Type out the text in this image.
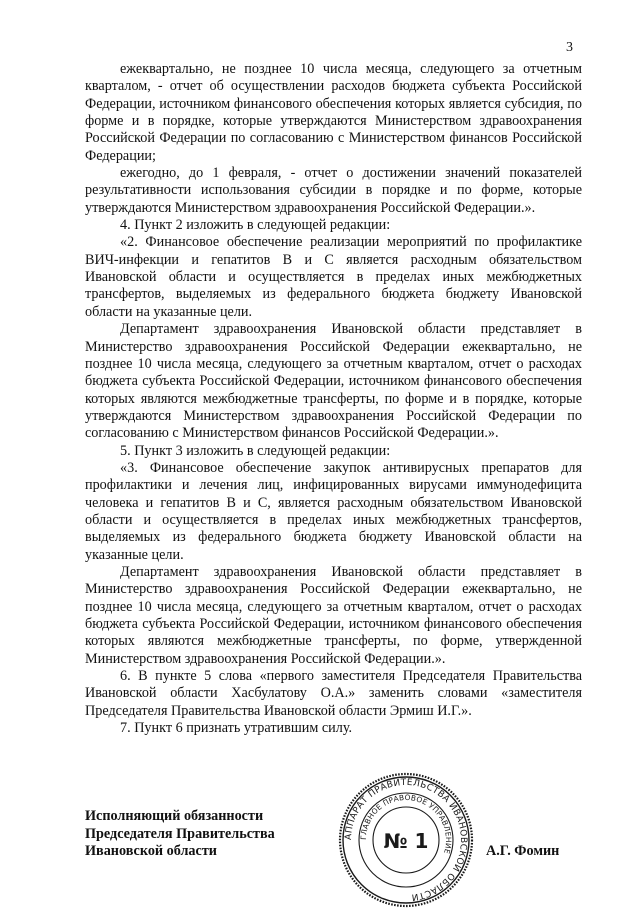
3

ежеквартально, не позднее 10 числа месяца, следующего за отчетным кварталом, - отчет об осуществлении расходов бюджета субъекта Российской Федерации, источником финансового обеспечения которых является субсидия, по форме и в порядке, которые утверждаются Министерством здравоохранения Российской Федерации по согласованию с Министерством финансов Российской Федерации;

ежегодно, до 1 февраля, - отчет о достижении значений показателей результативности использования субсидии в порядке и по форме, которые утверждаются Министерством здравоохранения Российской Федерации.».

4. Пункт 2 изложить в следующей редакции:

«2. Финансовое обеспечение реализации мероприятий по профилактике ВИЧ-инфекции и гепатитов В и С является расходным обязательством Ивановской области и осуществляется в пределах иных межбюджетных трансфертов, выделяемых из федерального бюджета бюджету Ивановской области на указанные цели.

Департамент здравоохранения Ивановской области представляет в Министерство здравоохранения Российской Федерации ежеквартально, не позднее 10 числа месяца, следующего за отчетным кварталом, отчет о расходах бюджета субъекта Российской Федерации, источником финансового обеспечения которых являются межбюджетные трансферты, по форме и в порядке, которые утверждаются Министерством здравоохранения Российской Федерации по согласованию с Министерством финансов Российской Федерации.».

5. Пункт 3 изложить в следующей редакции:

«3. Финансовое обеспечение закупок антивирусных препаратов для профилактики и лечения лиц, инфицированных вирусами иммунодефицита человека и гепатитов В и С, является расходным обязательством Ивановской области и осуществляется в пределах иных межбюджетных трансфертов, выделяемых из федерального бюджета бюджету Ивановской области на указанные цели.

Департамент здравоохранения Ивановской области представляет в Министерство здравоохранения Российской Федерации ежеквартально, не позднее 10 числа месяца, следующего за отчетным кварталом, отчет о расходах бюджета субъекта Российской Федерации, источником финансового обеспечения которых являются межбюджетные трансферты, по форме, утвержденной Министерством здравоохранения Российской Федерации.».

6. В пункте 5 слова «первого заместителя Председателя Правительства Ивановской области Хасбулатову О.А.» заменить словами «заместителя Председателя Правительства Ивановской области Эрмиш И.Г.».

7. Пункт 6 признать утратившим силу.

Исполняющий обязанности
Председателя Правительства
Ивановской области	А.Г. Фомин
АППАРАТ ПРАВИТЕЛЬСТВА ИВАНОВСКОЙ ОБЛАСТИ
ГЛАВНОЕ ПРАВОВОЕ УПРАВЛЕНИЕ
№ 1
